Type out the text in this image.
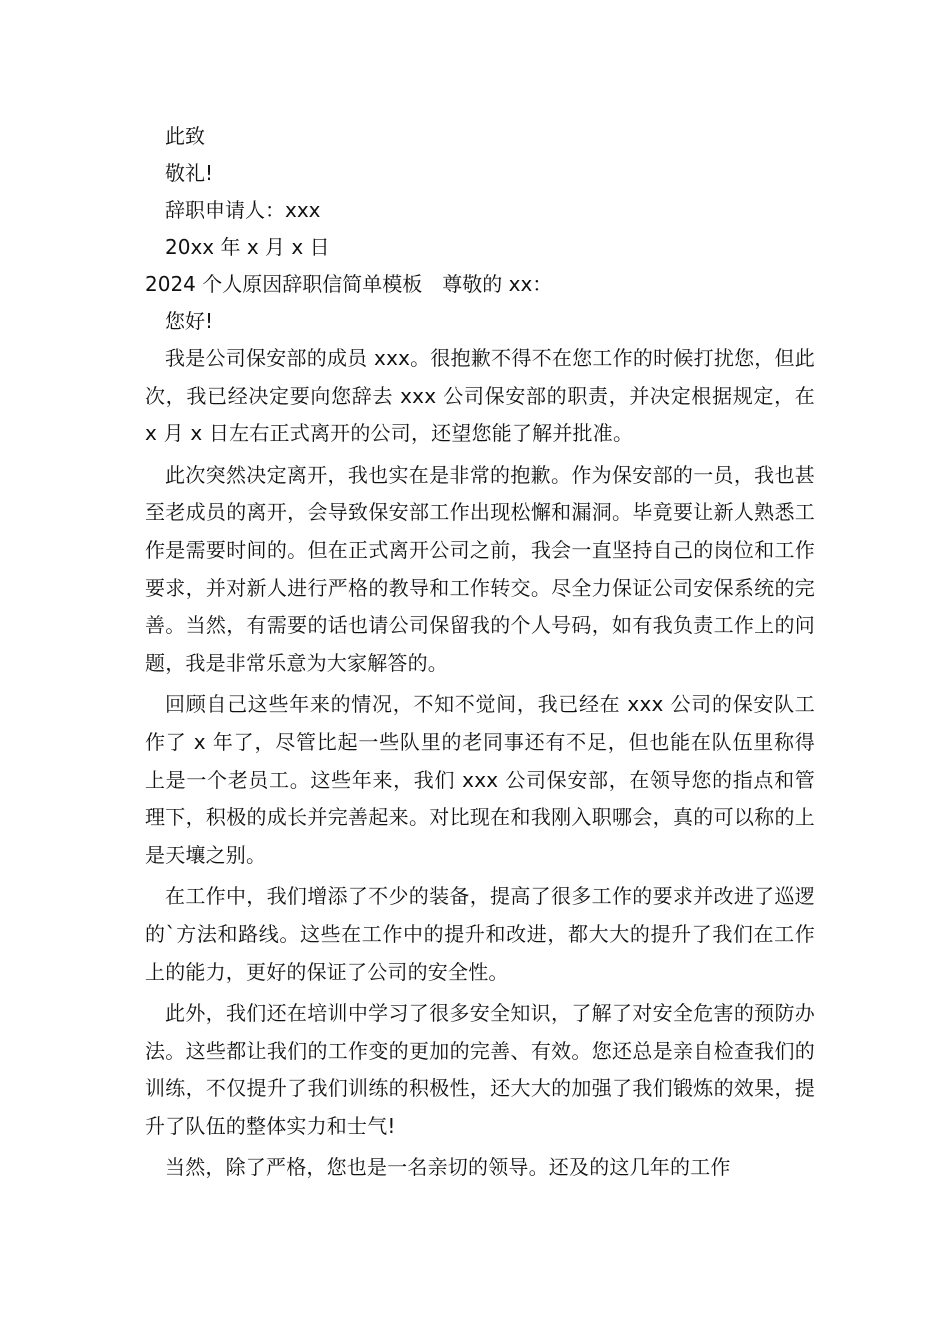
此致
敬礼!
辞职申请人：xxx
20xx 年 x 月 x 日
2024 个人原因辞职信简单模板　尊敬的 xx：
您好!

我是公司保安部的成员 xxx。很抱歉不得不在您工作的时候打扰您，但此次，我已经决定要向您辞去 xxx 公司保安部的职责，并决定根据规定，在 x 月 x 日左右正式离开的公司，还望您能了解并批准。

此次突然决定离开，我也实在是非常的抱歉。作为保安部的一员，我也甚至老成员的离开，会导致保安部工作出现松懈和漏洞。毕竟要让新人熟悉工作是需要时间的。但在正式离开公司之前，我会一直坚持自己的岗位和工作要求，并对新人进行严格的教导和工作转交。尽全力保证公司安保系统的完善。当然，有需要的话也请公司保留我的个人号码，如有我负责工作上的问题，我是非常乐意为大家解答的。

回顾自己这些年来的情况，不知不觉间，我已经在 xxx 公司的保安队工作了 x 年了，尽管比起一些队里的老同事还有不足，但也能在队伍里称得上是一个老员工。这些年来，我们 xxx 公司保安部，在领导您的指点和管理下，积极的成长并完善起来。对比现在和我刚入职哪会，真的可以称的上是天壤之别。

在工作中，我们增添了不少的装备，提高了很多工作的要求并改进了巡逻的`方法和路线。这些在工作中的提升和改进，都大大的提升了我们在工作上的能力，更好的保证了公司的安全性。

此外，我们还在培训中学习了很多安全知识，了解了对安全危害的预防办法。这些都让我们的工作变的更加的完善、有效。您还总是亲自检查我们的训练，不仅提升了我们训练的积极性，还大大的加强了我们锻炼的效果，提升了队伍的整体实力和士气!

当然，除了严格，您也是一名亲切的领导。还及的这几年的工作
